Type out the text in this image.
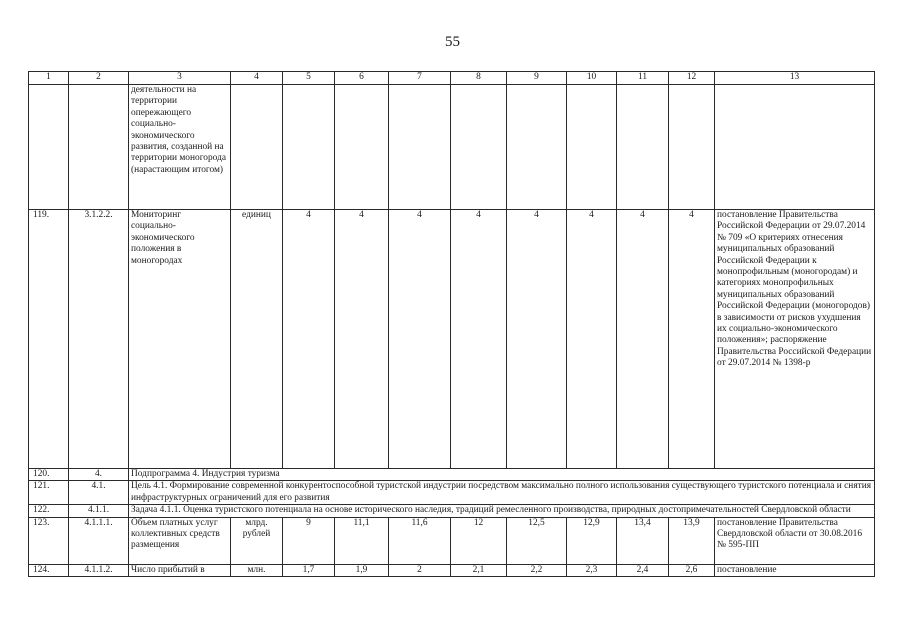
55
1	2	3	4	5	6	7	8	9	10	11	12	13
		деятельности на территории опережающего социально-экономического развития, созданной на территории моногорода (нарастающим итогом)										
119.	3.1.2.2.	Мониторинг социально-экономического положения в моногородах	единиц	4	4	4	4	4	4	4	4	постановление Правительства Российской Федерации от 29.07.2014 № 709 «О критериях отнесения муниципальных образований Российской Федерации к монопрофильным (моногородам) и категориях монопрофильных муниципальных образований Российской Федерации (моногородов) в зависимости от рисков ухудшения их социально-экономического положения»; распоряжение Правительства Российской Федерации от 29.07.2014 № 1398-р
120.	4.	Подпрограмма 4. Индустрия туризма										
121.	4.1.	Цель 4.1. Формирование современной конкурентоспособной туристской индустрии посредством максимально полного использования существующего туристского потенциала и снятия инфраструктурных ограничений для его развития										
122.	4.1.1.	Задача 4.1.1. Оценка туристского потенциала на основе исторического наследия, традиций ремесленного производства, природных достопримечательностей Свердловской области										
123.	4.1.1.1.	Объем платных услуг коллективных средств размещения	млрд. рублей	9	11,1	11,6	12	12,5	12,9	13,4	13,9	постановление Правительства Свердловской области от 30.08.2016 № 595-ПП
124.	4.1.1.2.	Число прибытий в	млн.	1,7	1,9	2	2,1	2,2	2,3	2,4	2,6	постановление
